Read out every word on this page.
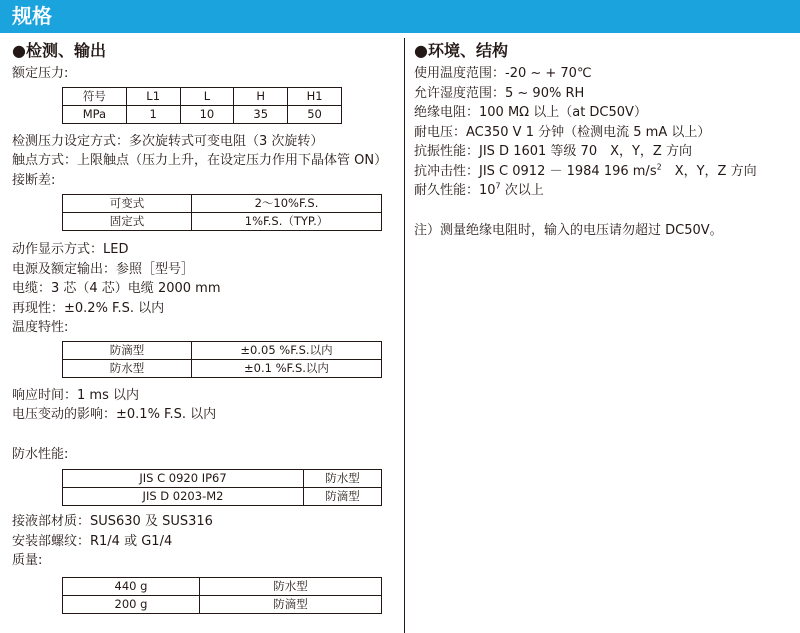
规格
●检测、输出
额定压力:
符号	L1	L	H	H1
MPa	1	10	35	50
检测压力设定方式：多次旋转式可变电阻（3 次旋转）
触点方式：上限触点（压力上升，在设定压力作用下晶体管 ON）
接断差:
可变式	2～10%F.S.
固定式	1%F.S.（TYP.）
动作显示方式：LED
电源及额定输出：参照［型号］
电缆：3 芯（4 芯）电缆 2000 mm
再现性：±0.2% F.S. 以内
温度特性:
防滴型	±0.05 %F.S.以内
防水型	±0.1 %F.S.以内
响应时间：1 ms 以内
电压变动的影响：±0.1% F.S. 以内
防水性能:
JIS C 0920 IP67	防水型
JIS D 0203-M2	防滴型
接液部材质：SUS630 及 SUS316
安装部螺纹：R1/4 或 G1/4
质量:
440 g	防水型
200 g	防滴型
●环境、结构
使用温度范围：-20 ~ + 70℃
允许湿度范围：5 ~ 90% RH
绝缘电阻：100 MΩ 以上（at DC50V）
耐电压：AC350 V 1 分钟（检测电流 5 mA 以上）
抗振性能：JIS D 1601 等级 70　X，Y，Z 方向
抗冲击性：JIS C 0912 － 1984 196 $m/s^2$　X，Y，Z 方向
耐久性能：$10^7$ 次以上
注）测量绝缘电阻时，输入的电压请勿超过 DC50V。
